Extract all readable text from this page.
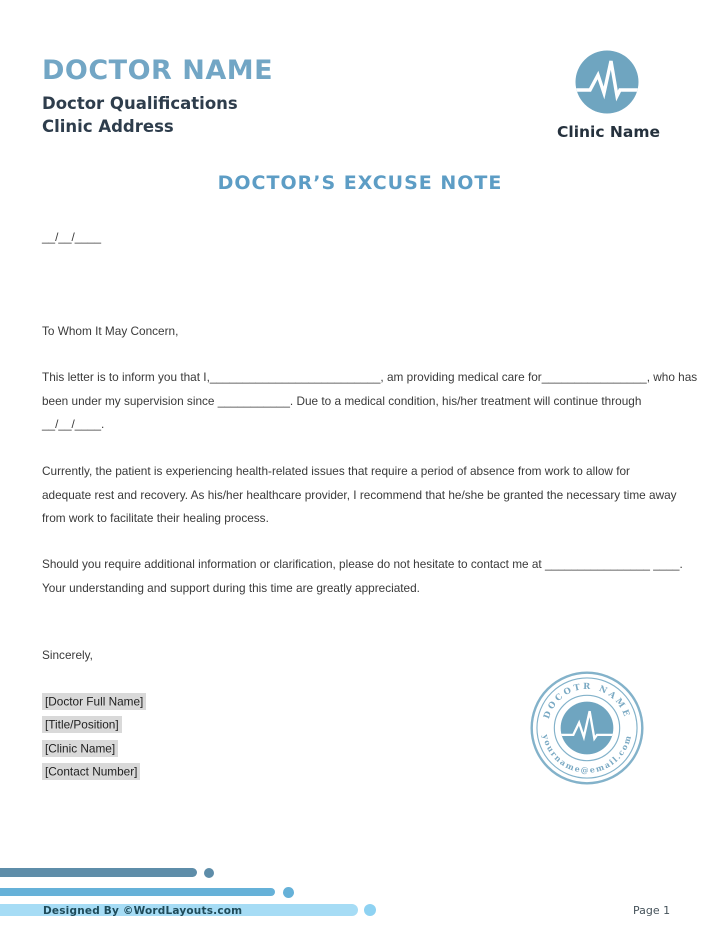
DOCTOR NAME
Doctor Qualifications
Clinic Address	Clinic Name
DOCTOR’S EXCUSE NOTE
__/__/____
To Whom It May Concern,
This letter is to inform you that I,__________________________, am providing medical care for________________, who has
been under my supervision since ___________. Due to a medical condition, his/her treatment will continue through
__/__/____.
Currently, the patient is experiencing health-related issues that require a period of absence from work to allow for
adequate rest and recovery. As his/her healthcare provider, I recommend that he/she be granted the necessary time away
from work to facilitate their healing process.
Should you require additional information or clarification, please do not hesitate to contact me at ________________ ____.
Your understanding and support during this time are greatly appreciated.
Sincerely,
[Doctor Full Name]
[Title/Position]
[Clinic Name]
[Contact Number]
DOCOTR NAME
yourname@email.com
Designed By ©WordLayouts.com	Page 1
